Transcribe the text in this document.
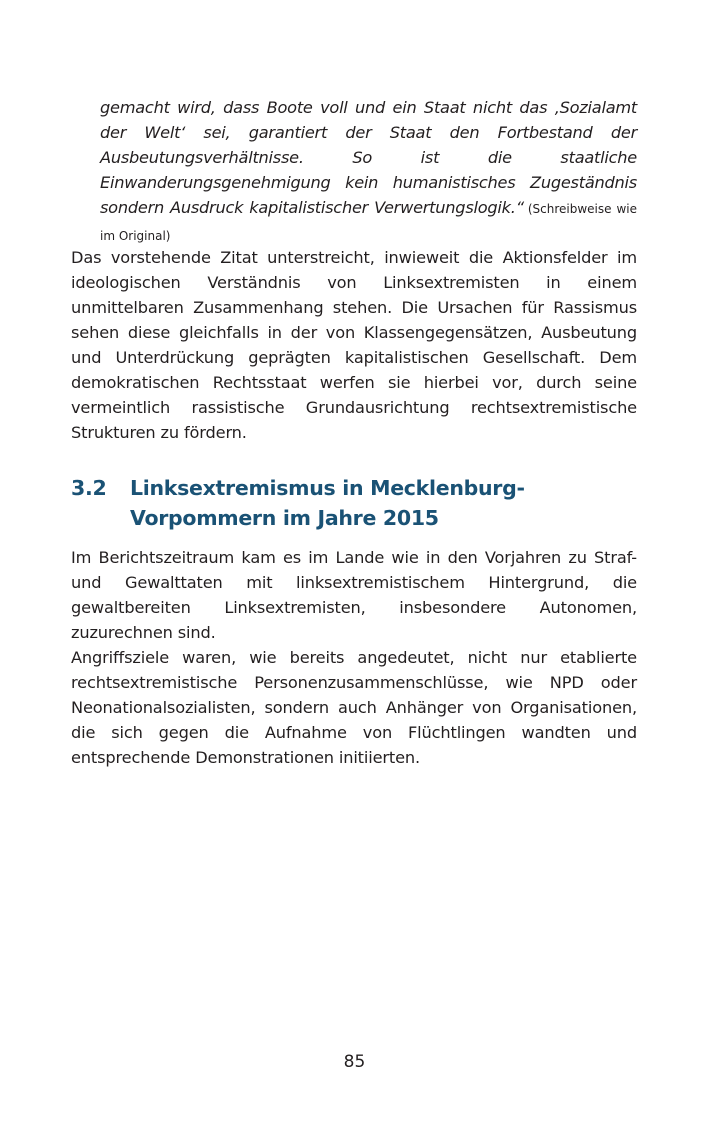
gemacht wird, dass Boote voll und ein Staat nicht das ‚Sozialamt der Welt‘ sei, garantiert der Staat den Fortbestand der Ausbeutungsverhältnisse. So ist die staatliche Einwanderungsgenehmigung kein humanistisches Zugeständnis sondern Ausdruck kapitalistischer Verwertungslogik.“ (Schreibweise wie im Original)

Das vorstehende Zitat unterstreicht, inwieweit die Aktionsfelder im ideologischen Verständnis von Linksextremisten in einem unmittelbaren Zusammenhang stehen. Die Ursachen für Rassismus sehen diese gleichfalls in der von Klassengegensätzen, Ausbeutung und Unterdrückung geprägten kapitalistischen Gesellschaft. Dem demokratischen Rechtsstaat werfen sie hierbei vor, durch seine vermeintlich rassistische Grundausrichtung rechtsextremistische Strukturen zu fördern.

3.2 Linksextremismus in Mecklenburg-Vorpommern im Jahre 2015

Im Berichtszeitraum kam es im Lande wie in den Vorjahren zu Straf- und Gewalttaten mit linksextremistischem Hintergrund, die gewaltbereiten Linksextremisten, insbesondere Autonomen, zuzurechnen sind.

Angriffsziele waren, wie bereits angedeutet, nicht nur etablierte rechtsextremistische Personenzusammenschlüsse, wie NPD oder Neonationalsozialisten, sondern auch Anhänger von Organisationen, die sich gegen die Aufnahme von Flüchtlingen wandten und entsprechende Demonstrationen initiierten.

85
